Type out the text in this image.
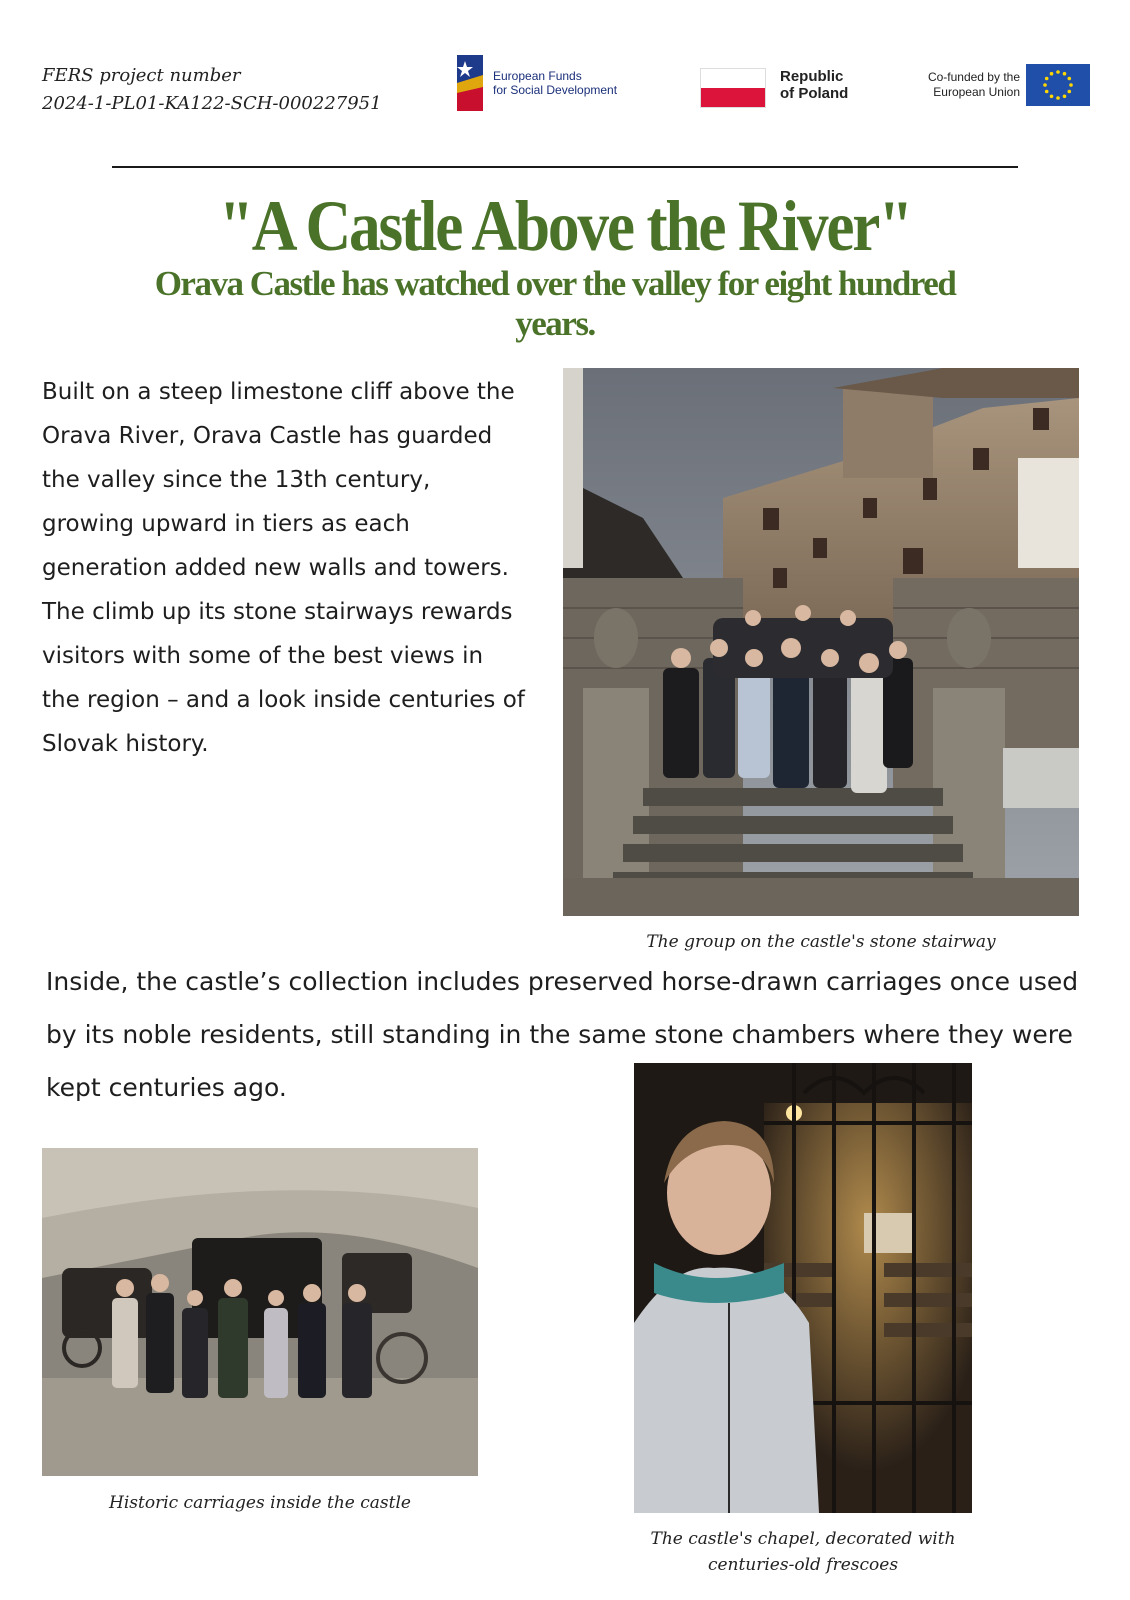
FERS project number
2024-1-PL01-KA122-SCH-000227951
European Funds
for Social Development
Republic
of Poland
Co-funded by the
European Union
"A Castle Above the River"
Orava Castle has watched over the valley for eight hundred years.
Built on a steep limestone cliff above the Orava River, Orava Castle has guarded the valley since the 13th century, growing upward in tiers as each generation added new walls and towers. The climb up its stone stairways rewards visitors with some of the best views in the region – and a look inside centuries of Slovak history.
The group on the castle's stone stairway
Inside, the castle’s collection includes preserved horse-drawn carriages once used by its noble residents, still standing in the same stone chambers where they were kept centuries ago.
Historic carriages inside the castle
The castle's chapel, decorated with centuries-old frescoes
